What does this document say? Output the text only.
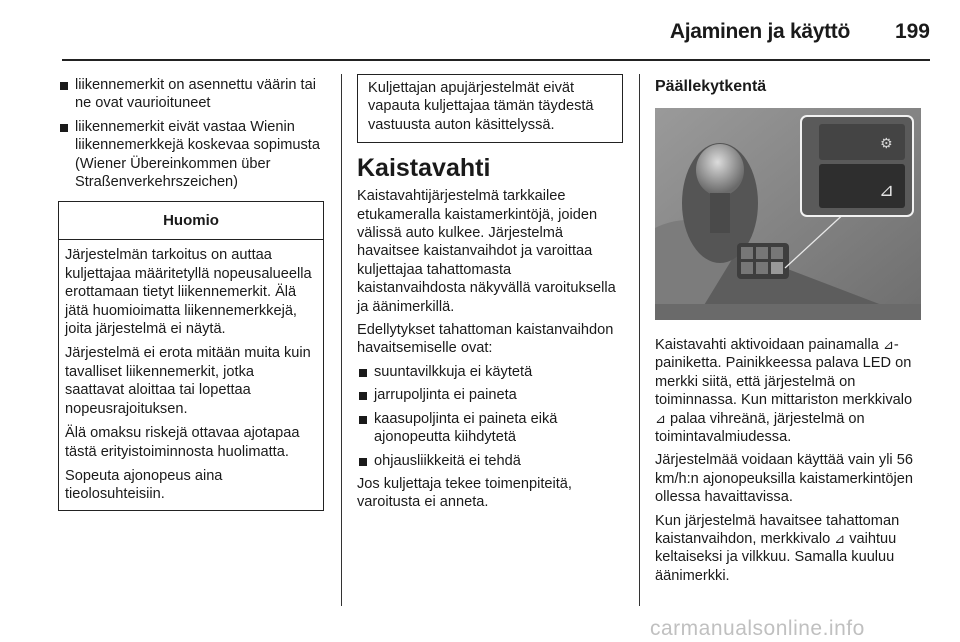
Ajaminen ja käyttö	199
liikennemerkit on asennettu väärin tai ne ovat vaurioituneet
liikennemerkit eivät vastaa Wienin liikennemerkkejä koskevaa sopimusta (Wiener Übereinkommen über Straßenverkehrszeichen)
Huomio

Järjestelmän tarkoitus on auttaa kuljettajaa määritetyllä nopeusalueella erottamaan tietyt liikennemerkit. Älä jätä huomioimatta liikennemerkkejä, joita järjestelmä ei näytä.

Järjestelmä ei erota mitään muita kuin tavalliset liikennemerkit, jotka saattavat aloittaa tai lopettaa nopeusrajoituksen.

Älä omaksu riskejä ottavaa ajotapaa tästä erityistoiminnosta huolimatta.

Sopeuta ajonopeus aina tieolosuhteisiin.

Kuljettajan apujärjestelmät eivät vapauta kuljettajaa tämän täydestä vastuusta auton käsittelyssä.
Kaistavahti

Kaistavahtijärjestelmä tarkkailee etukameralla kaistamerkintöjä, joiden välissä auto kulkee. Järjestelmä havaitsee kaistanvaihdot ja varoittaa kuljettajaa tahattomasta kaistanvaihdosta näkyvällä varoituksella ja äänimerkillä.

Edellytykset tahattoman kaistanvaihdon havaitsemiselle ovat:

suuntavilkkuja ei käytetä
jarrupoljinta ei paineta
kaasupoljinta ei paineta eikä ajonopeutta kiihdytetä
ohjausliikkeitä ei tehdä

Jos kuljettaja tekee toimenpiteitä, varoitusta ei anneta.

Päällekytkentä
⚙
⊿

Kaistavahti aktivoidaan painamalla ⊿-painiketta. Painikkeessa palava LED on merkki siitä, että järjestelmä on toiminnassa. Kun mittariston merkkivalo ⊿ palaa vihreänä, järjestelmä on toimintavalmiudessa.

Järjestelmää voidaan käyttää vain yli 56 km/h:n ajonopeuksilla kaistamerkintöjen ollessa havaittavissa.

Kun järjestelmä havaitsee tahattoman kaistanvaihdon, merkkivalo ⊿ vaihtuu keltaiseksi ja vilkkuu. Samalla kuuluu äänimerkki.

carmanualsonline.info
